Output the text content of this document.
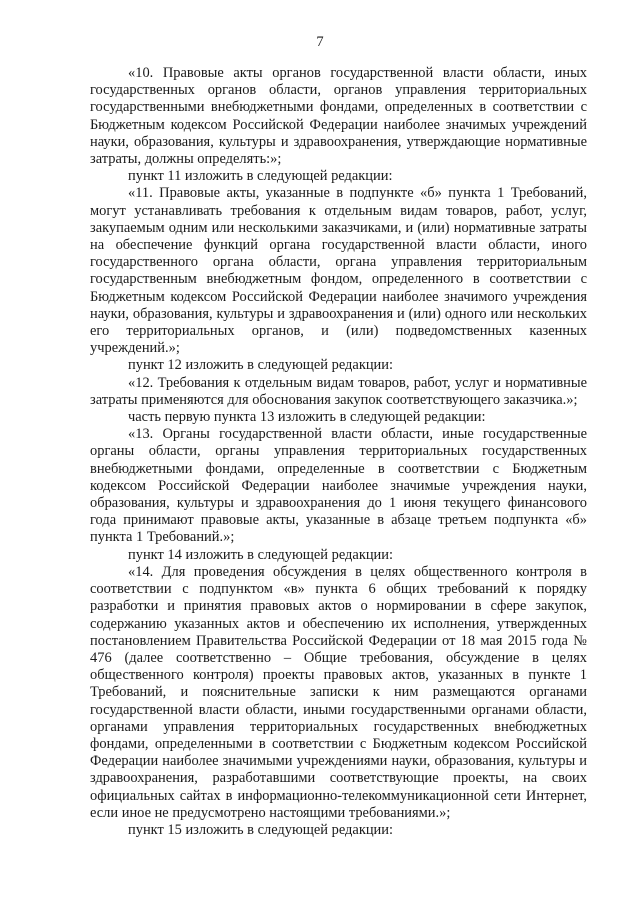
7

«10. Правовые акты органов государственной власти области, иных государственных органов области, органов управления территориальных государственными внебюджетными фондами, определенных в соответствии с Бюджетным кодексом Российской Федерации наиболее значимых учреждений науки, образования, культуры и здравоохранения, утверждающие нормативные затраты, должны определять:»;

пункт 11 изложить в следующей редакции:

«11. Правовые акты, указанные в подпункте «б» пункта 1 Требований, могут устанавливать требования к отдельным видам товаров, работ, услуг, закупаемым одним или несколькими заказчиками, и (или) нормативные затраты на обеспечение функций органа государственной власти области, иного государственного органа области, органа управления территориальным государственным внебюджетным фондом, определенного в соответствии с Бюджетным кодексом Российской Федерации наиболее значимого учреждения науки, образования, культуры и здравоохранения и (или) одного или нескольких его территориальных органов, и (или) подведомственных казенных учреждений.»;

пункт 12 изложить в следующей редакции:

«12. Требования к отдельным видам товаров, работ, услуг и нормативные затраты применяются для обоснования закупок соответствующего заказчика.»;

часть первую пункта 13 изложить в следующей редакции:

«13. Органы государственной власти области, иные государственные органы области, органы управления территориальных государственных внебюджетными фондами, определенные в соответствии с Бюджетным кодексом Российской Федерации наиболее значимые учреждения науки, образования, культуры и здравоохранения до 1 июня текущего финансового года принимают правовые акты, указанные в абзаце третьем подпункта «б» пункта 1 Требований.»;

пункт 14 изложить в следующей редакции:

«14. Для проведения обсуждения в целях общественного контроля в соответствии с подпунктом «в» пункта 6 общих требований к порядку разработки и принятия правовых актов о нормировании в сфере закупок, содержанию указанных актов и обеспечению их исполнения, утвержденных постановлением Правительства Российской Федерации от 18 мая 2015 года № 476 (далее соответственно – Общие требования, обсуждение в целях общественного контроля) проекты правовых актов, указанных в пункте 1 Требований, и пояснительные записки к ним размещаются органами государственной власти области, иными государственными органами области, органами управления территориальных государственных внебюджетных фондами, определенными в соответствии с Бюджетным кодексом Российской Федерации наиболее значимыми учреждениями науки, образования, культуры и здравоохранения, разработавшими соответствующие проекты, на своих официальных сайтах в информационно-телекоммуникационной сети Интернет, если иное не предусмотрено настоящими требованиями.»;

пункт 15 изложить в следующей редакции:
